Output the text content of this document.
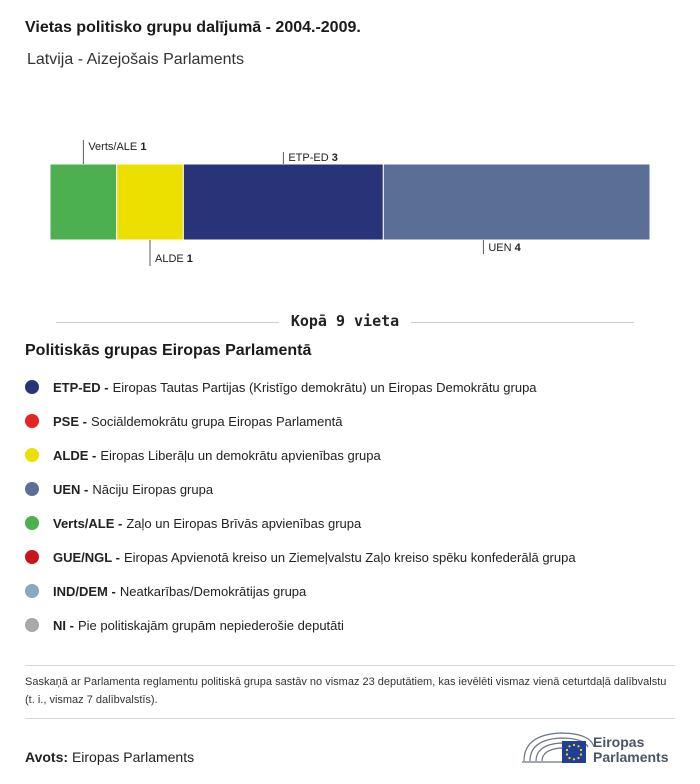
Vietas politisko grupu dalījumā - 2004.-2009.
Latvija - Aizejošais Parlaments
Verts/ALE 1
ALDE 1
ETP-ED 3
UEN 4
Kopā 9 vieta
Politiskās grupas Eiropas Parlamentā
ETP-ED - Eiropas Tautas Partijas (Kristīgo demokrātu) un Eiropas Demokrātu grupa
PSE - Sociāldemokrātu grupa Eiropas Parlamentā
ALDE - Eiropas Liberāļu un demokrātu apvienības grupa
UEN - Nāciju Eiropas grupa
Verts/ALE - Zaļo un Eiropas Brīvās apvienības grupa
GUE/NGL - Eiropas Apvienotā kreiso un Ziemeļvalstu Zaļo kreiso spēku konfederālā grupa
IND/DEM - Neatkarības/Demokrātijas grupa
NI - Pie politiskajām grupām nepiederošie deputāti
Saskaņā ar Parlamenta reglamentu politiskā grupa sastāv no vismaz 23 deputātiem, kas ievēlēti vismaz vienā ceturtdaļā dalībvalstu (t. i., vismaz 7 dalībvalstīs).
Avots: Eiropas Parlaments
Eiropas
Parlaments
